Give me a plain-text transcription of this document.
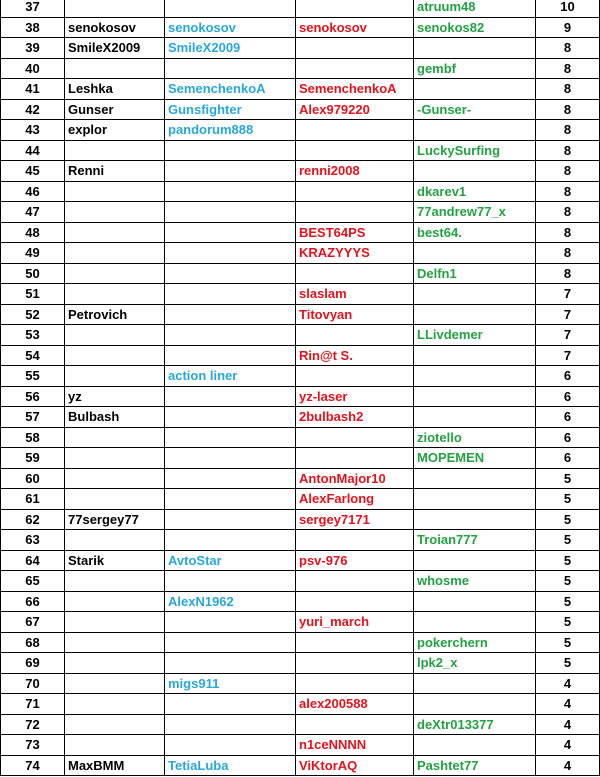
37				atruum48	10
38	senokosov	senokosov	senokosov	senokos82	9
39	SmileX2009	SmileX2009			8
40				gembf	8
41	Leshka	SemenchenkoA	SemenchenkoA		8
42	Gunser	Gunsfighter	Alex979220	-Gunser-	8
43	explor	pandorum888			8
44				LuckySurfing	8
45	Renni		renni2008		8
46				dkarev1	8
47				77andrew77_x	8
48			BEST64PS	best64.	8
49			KRAZYYYS		8
50				Delfn1	8
51			slaslam		7
52	Petrovich		Titovyan		7
53				LLivdemer	7
54			Rin@t S.		7
55		action liner			6
56	yz		yz-laser		6
57	Bulbash		2bulbash2		6
58				ziotello	6
59				MOPEMEN	6
60			AntonMajor10		5
61			AlexFarlong		5
62	77sergey77		sergey7171		5
63				Troian777	5
64	Starik	AvtoStar	psv-976		5
65				whosme	5
66		AlexN1962			5
67			yuri_march		5
68				pokerchern	5
69				lpk2_x	5
70		migs911			4
71			alex200588		4
72				deXtr013377	4
73			n1ceNNNN		4
74	MaxBMM	TetiaLuba	ViKtorAQ	Pashtet77	4
